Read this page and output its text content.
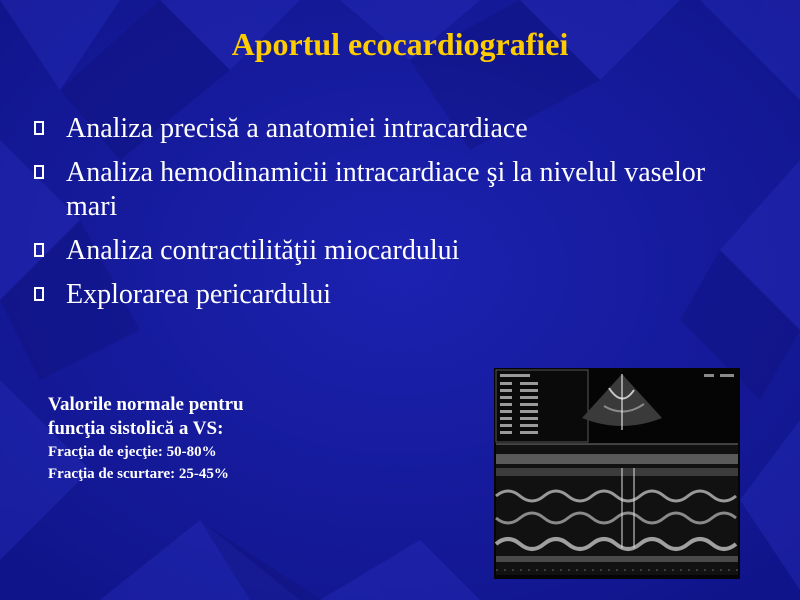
Aportul ecocardiografiei
Analiza precisă a anatomiei intracardiace
Analiza hemodinamicii intracardiace şi la nivelul vaselor mari
Analiza contractilităţii miocardului
Explorarea pericardului
Valorile normale pentru
funcţia sistolică a VS:
Fracţia de ejecţie: 50-80%
Fracţia de scurtare: 25-45%
